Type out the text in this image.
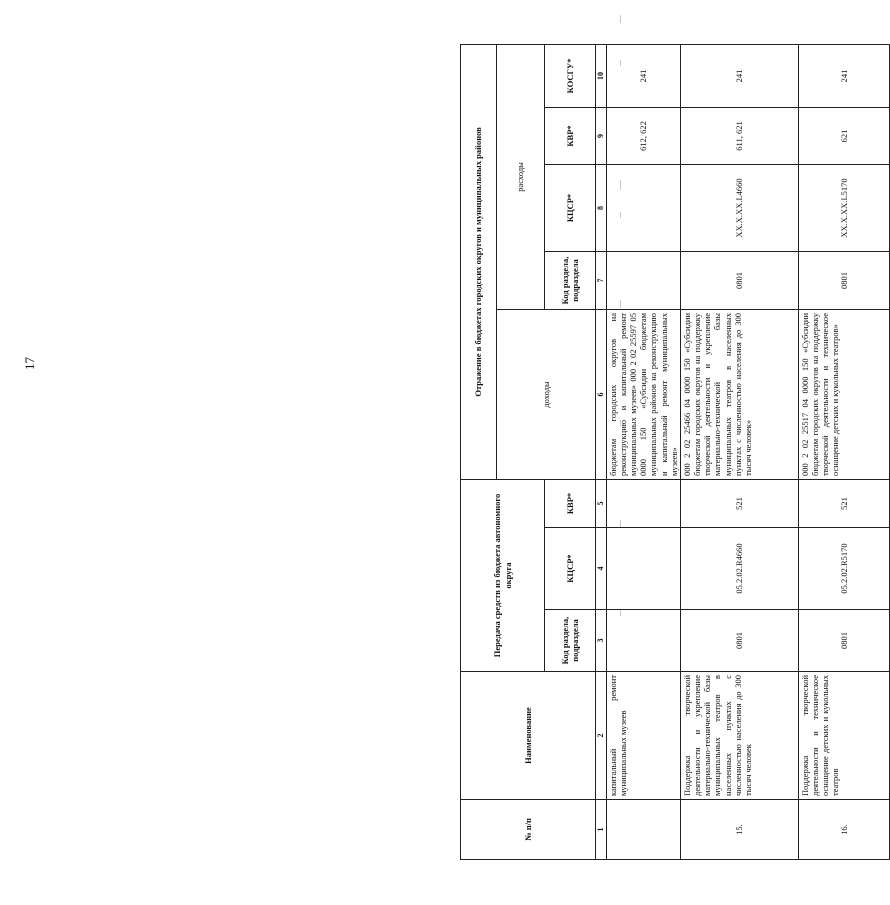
17
№ п/п	Наименование	Передача средств из бюджета автономного округа			Отражение в бюджетах городских округов и муниципальных районов				
					доходы	расходы			
		Код раздела, подраздела	КЦСР*	КВР*		Код раздела, подраздела	КЦСР*	КВР*	КОСГУ*
1	2	3	4	5	6	7	8	9	10
	капитальный ремонт муниципальных музеев				бюджетам городских округов на реконструкцию и капитальный ремонт муниципальных музеев» 000 2 02 25597 05 0000 150 «Субсидии бюджетам муниципальных районов на реконструкцию и капитальный ремонт муниципальных музеев»			612, 622	241
15.	Поддержка творческой деятельности и укрепление материально-технической базы муниципальных театров в населенных пунктах с численностью населения до 300 тысяч человек	0801	05.2.02.R4660	521	000 2 02 25466 04 0000 150 «Субсидии бюджетам городских округов на поддержку творческой деятельности и укрепление материально-технической базы муниципальных театров в населенных пунктах с численностью населения до 300 тысяч человек»	0801	XX.X.XX.L4660	611, 621	241
16.	Поддержка творческой деятельности и техническое оснащение детских и кукольных театров	0801	05.2.02.R5170	521	000 2 02 25517 04 0000 150 «Субсидии бюджетам городских округов на поддержку творческой деятельности и техническое оснащение детских и кукольных театров»	0801	XX.X.XX.L5170	621	241
